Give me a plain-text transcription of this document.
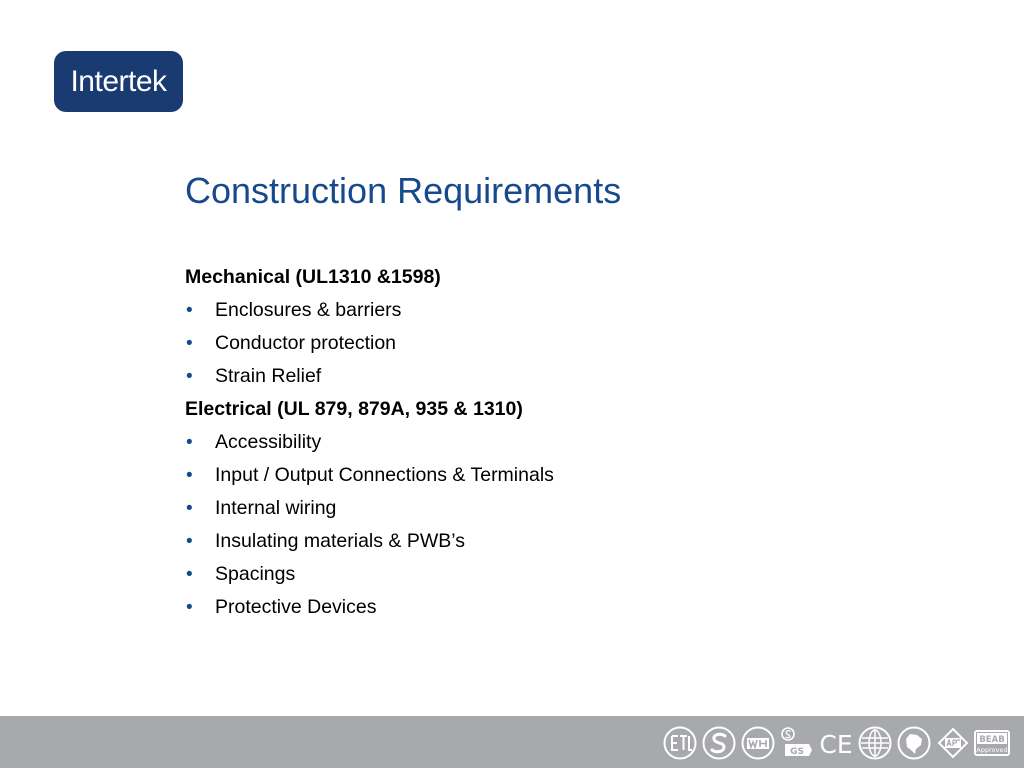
Intertek
Construction Requirements
Mechanical (UL1310 &1598)
• Enclosures & barriers
• Conductor protection
• Strain Relief
Electrical (UL 879, 879A, 935 & 1310)
• Accessibility
• Input / Output Connections & Terminals
• Internal wiring
• Insulating materials & PWB’s
• Spacings
• Protective Devices
GS CE	BEAB
Approved
